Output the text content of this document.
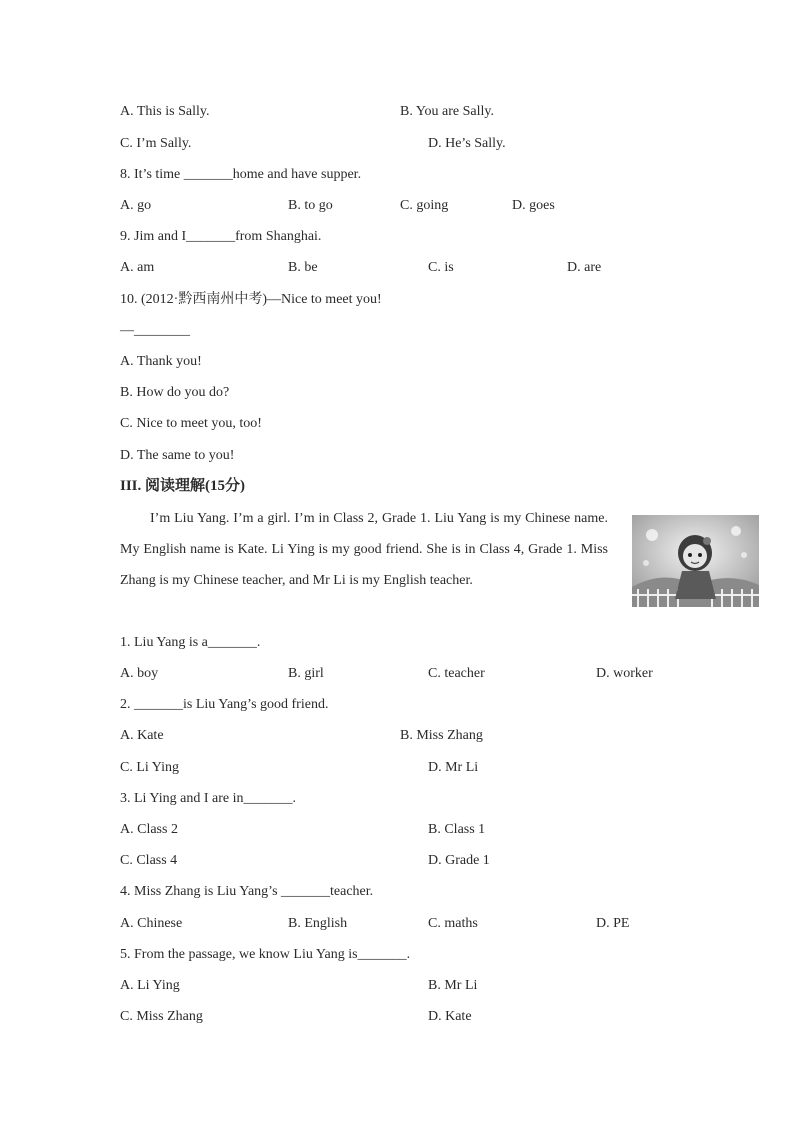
A. This is Sally.	B. You are Sally.
C. I’m Sally.	D. He’s Sally.
8. It’s time _______home and have supper.
A. go	B. to go	C. going	D. goes
9. Jim and I_______from Shanghai.
A. am	B. be	C. is	D. are
10. (2012·黔西南州中考)—Nice to meet you!
—________
A. Thank you!
B. How do you do?
C. Nice to meet you, too!
D. The same to you!
III. 阅读理解(15分)

I’m Liu Yang. I’m a girl. I’m in Class 2, Grade 1. Liu Yang is my Chinese name. My English name is Kate. Li Ying is my good friend. She is in Class 4, Grade 1. Miss Zhang is my Chinese teacher, and Mr Li is my English teacher.

1. Liu Yang is a_______.
A. boy	B. girl	C. teacher	D. worker
2. _______is Liu Yang’s good friend.
A. Kate	B. Miss Zhang
C. Li Ying	D. Mr Li
3. Li Ying and I are in_______.
A. Class 2	B. Class 1
C. Class 4	D. Grade 1
4. Miss Zhang is Liu Yang’s _______teacher.
A. Chinese	B. English	C. maths	D. PE
5. From the passage, we know Liu Yang is_______.
A. Li Ying	B. Mr Li
C. Miss Zhang	D. Kate
